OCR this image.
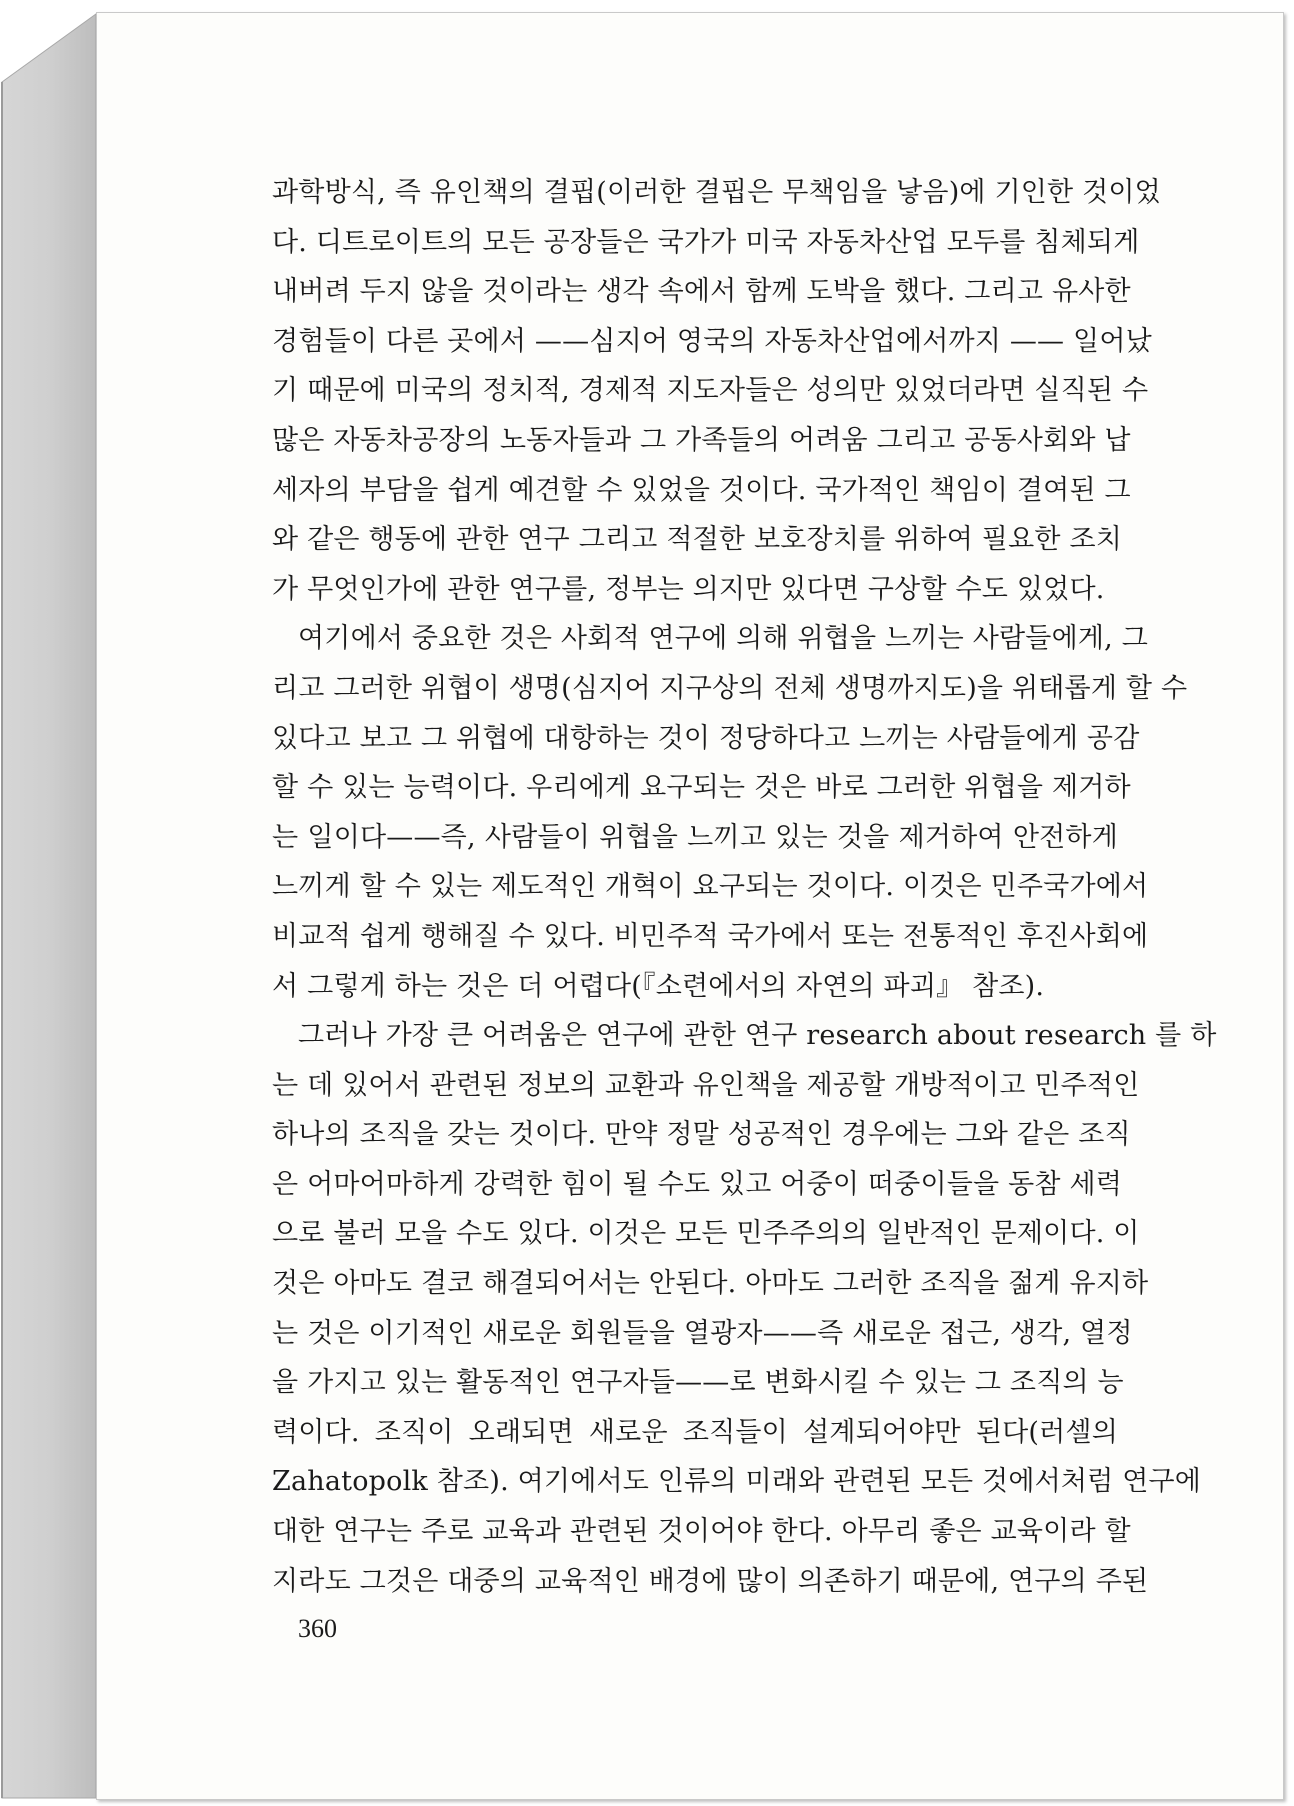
과학방식, 즉 유인책의 결핍(이러한 결핍은 무책임을 낳음)에 기인한 것이었
다. 디트로이트의 모든 공장들은 국가가 미국 자동차산업 모두를 침체되게
내버려 두지 않을 것이라는 생각 속에서 함께 도박을 했다. 그리고 유사한
경험들이 다른 곳에서 ——심지어 영국의 자동차산업에서까지 —— 일어났
기 때문에 미국의 정치적, 경제적 지도자들은 성의만 있었더라면 실직된 수
많은 자동차공장의 노동자들과 그 가족들의 어려움 그리고 공동사회와 납
세자의 부담을 쉽게 예견할 수 있었을 것이다. 국가적인 책임이 결여된 그
와 같은 행동에 관한 연구 그리고 적절한 보호장치를 위하여 필요한 조치
가 무엇인가에 관한 연구를, 정부는 의지만 있다면 구상할 수도 있었다.
여기에서 중요한 것은 사회적 연구에 의해 위협을 느끼는 사람들에게, 그
리고 그러한 위협이 생명(심지어 지구상의 전체 생명까지도)을 위태롭게 할 수
있다고 보고 그 위협에 대항하는 것이 정당하다고 느끼는 사람들에게 공감
할 수 있는 능력이다. 우리에게 요구되는 것은 바로 그러한 위협을 제거하
는 일이다——즉, 사람들이 위협을 느끼고 있는 것을 제거하여 안전하게
느끼게 할 수 있는 제도적인 개혁이 요구되는 것이다. 이것은 민주국가에서
비교적 쉽게 행해질 수 있다. 비민주적 국가에서 또는 전통적인 후진사회에
서 그렇게 하는 것은 더 어렵다(『소련에서의 자연의 파괴』 참조).
그러나 가장 큰 어려움은 연구에 관한 연구 research about research 를 하
는 데 있어서 관련된 정보의 교환과 유인책을 제공할 개방적이고 민주적인
하나의 조직을 갖는 것이다. 만약 정말 성공적인 경우에는 그와 같은 조직
은 어마어마하게 강력한 힘이 될 수도 있고 어중이 떠중이들을 동참 세력
으로 불러 모을 수도 있다. 이것은 모든 민주주의의 일반적인 문제이다. 이
것은 아마도 결코 해결되어서는 안된다. 아마도 그러한 조직을 젊게 유지하
는 것은 이기적인 새로운 회원들을 열광자——즉 새로운 접근, 생각, 열정
을 가지고 있는 활동적인 연구자들——로 변화시킬 수 있는 그 조직의 능
력이다. 조직이 오래되면 새로운 조직들이 설계되어야만 된다(러셀의
Zahatopolk 참조). 여기에서도 인류의 미래와 관련된 모든 것에서처럼 연구에
대한 연구는 주로 교육과 관련된 것이어야 한다. 아무리 좋은 교육이라 할
지라도 그것은 대중의 교육적인 배경에 많이 의존하기 때문에, 연구의 주된
360
